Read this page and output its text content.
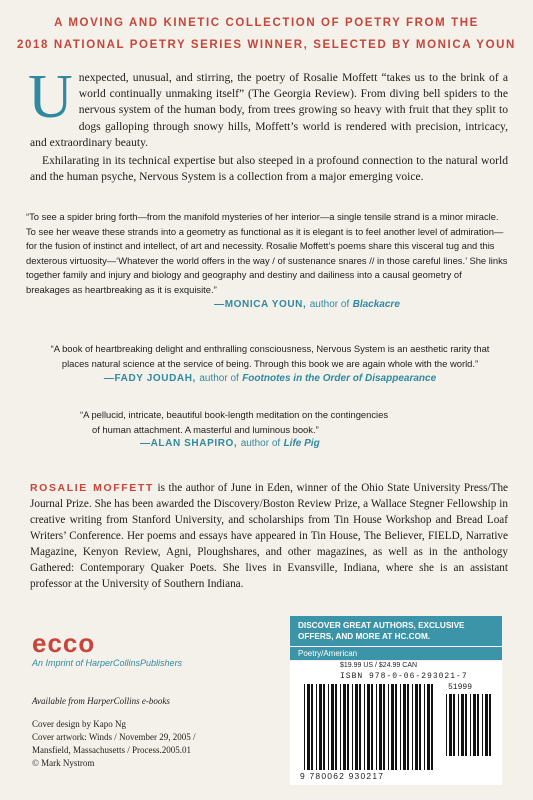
A MOVING AND KINETIC COLLECTION OF POETRY FROM THE
2018 NATIONAL POETRY SERIES WINNER, SELECTED BY MONICA YOUN

Unexpected, unusual, and stirring, the poetry of Rosalie Moffett “takes us to the brink of a world continually unmaking itself” (The Georgia Review). From diving bell spiders to the nervous system of the human body, from trees growing so heavy with fruit that they split to dogs galloping through snowy hills, Moffett’s world is rendered with precision, intricacy, and extraordinary beauty.

Exhilarating in its technical expertise but also steeped in a profound connection to the natural world and the human psyche, Nervous System is a collection from a major emerging voice.

“To see a spider bring forth—from the manifold mysteries of her interior—a single tensile strand is a minor miracle. To see her weave these strands into a geometry as functional as it is elegant is to feel another level of admiration—for the fusion of instinct and intellect, of art and necessity. Rosalie Moffett’s poems share this visceral tug and this dexterous virtuosity—‘Whatever the world offers in the way / of sustenance snares // in those careful lines.’ She links together family and injury and biology and geography and destiny and dailiness into a causal geometry of breakages as heartbreaking as it is exquisite.”
—MONICA YOUN, author of Blackacre
“A book of heartbreaking delight and enthralling consciousness, Nervous System is an aesthetic rarity that places natural science at the service of being. Through this book we are again whole with the world.”
—FADY JOUDAH, author of Footnotes in the Order of Disappearance
“A pellucid, intricate, beautiful book-length meditation on the contingencies
of human attachment. A masterful and luminous book.”
—ALAN SHAPIRO, author of Life Pig
ROSALIE MOFFETT is the author of June in Eden, winner of the Ohio State University Press/The Journal Prize. She has been awarded the Discovery/Boston Review Prize, a Wallace Stegner Fellowship in creative writing from Stanford University, and scholarships from Tin House Workshop and Bread Loaf Writers’ Conference. Her poems and essays have appeared in Tin House, The Believer, FIELD, Narrative Magazine, Kenyon Review, Agni, Ploughshares, and other magazines, as well as in the anthology Gathered: Contemporary Quaker Poets. She lives in Evansville, Indiana, where she is an assistant professor at the University of Southern Indiana.
ecco
An Imprint of HarperCollinsPublishers
Available from HarperCollins e-books
Cover design by Kapo Ng
Cover artwork: Winds / November 29, 2005 /
Mansfield, Massachusetts / Process.2005.01
© Mark Nystrom
DISCOVER GREAT AUTHORS, EXCLUSIVE OFFERS, AND MORE AT HC.COM.
Poetry/American
$19.99 US / $24.99 CAN
ISBN 978-0-06-293021-7
51999
9 780062 930217
